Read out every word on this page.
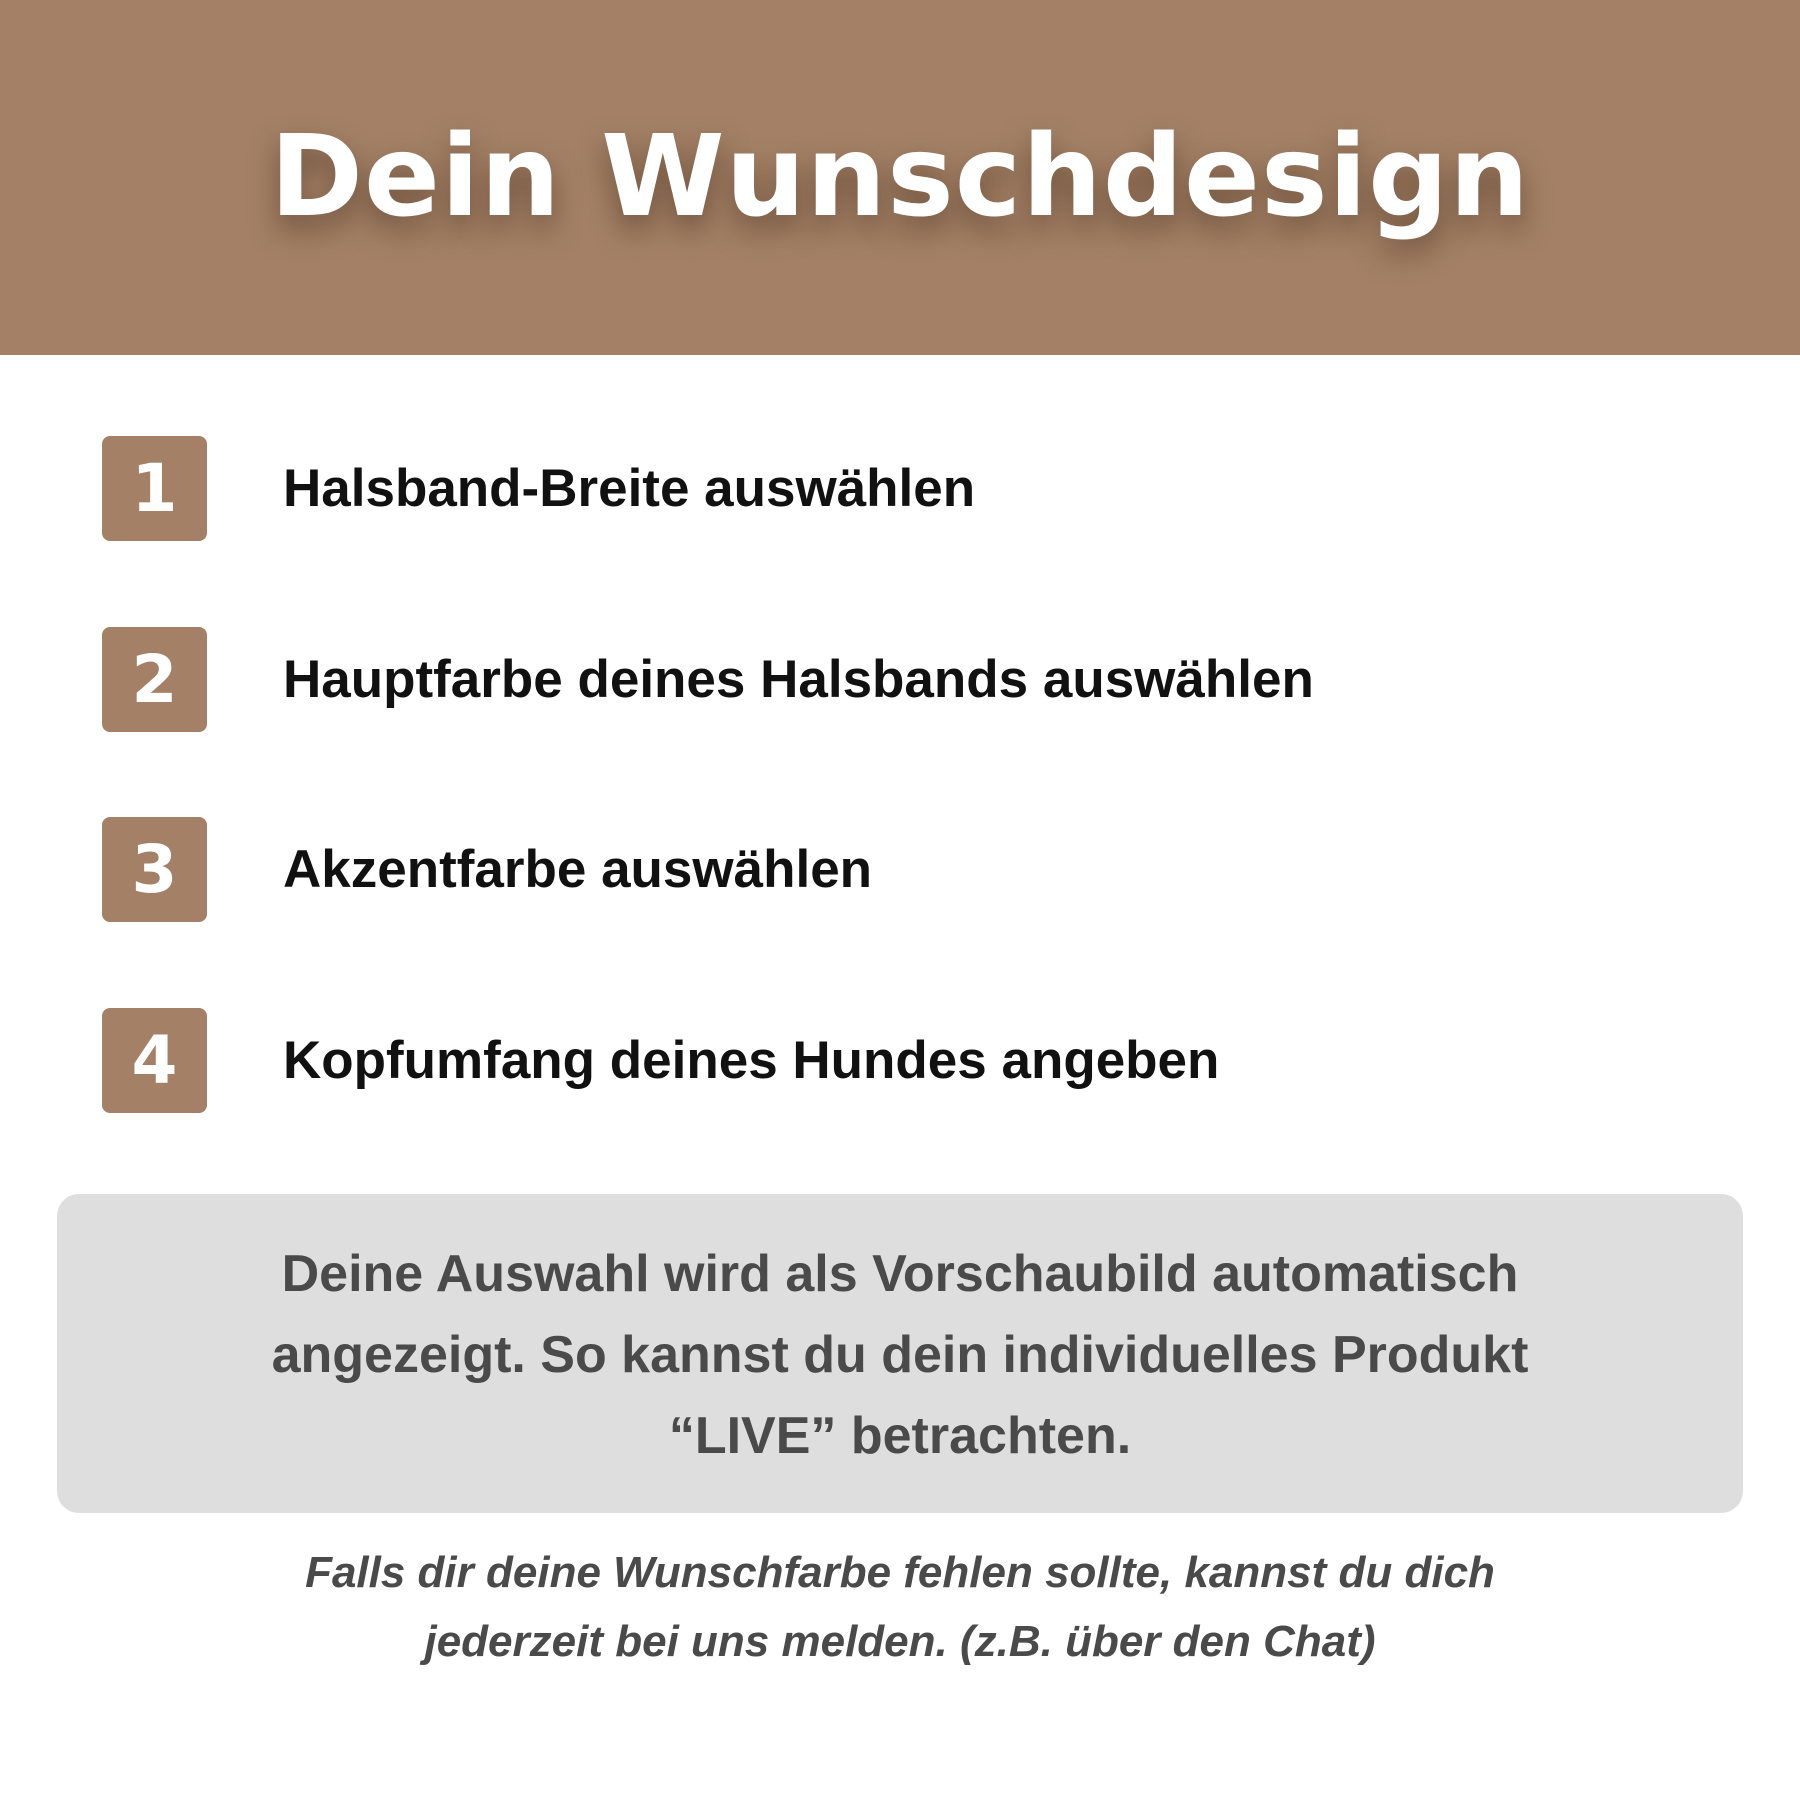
Dein Wunschdesign
1	Halsband-Breite auswählen
2	Hauptfarbe deines Halsbands auswählen
3	Akzentfarbe auswählen
4	Kopfumfang deines Hundes angeben
Deine Auswahl wird als Vorschaubild automatisch
angezeigt. So kannst du dein individuelles Produkt
“LIVE” betrachten.
Falls dir deine Wunschfarbe fehlen sollte, kannst du dich
jederzeit bei uns melden. (z.B. über den Chat)
